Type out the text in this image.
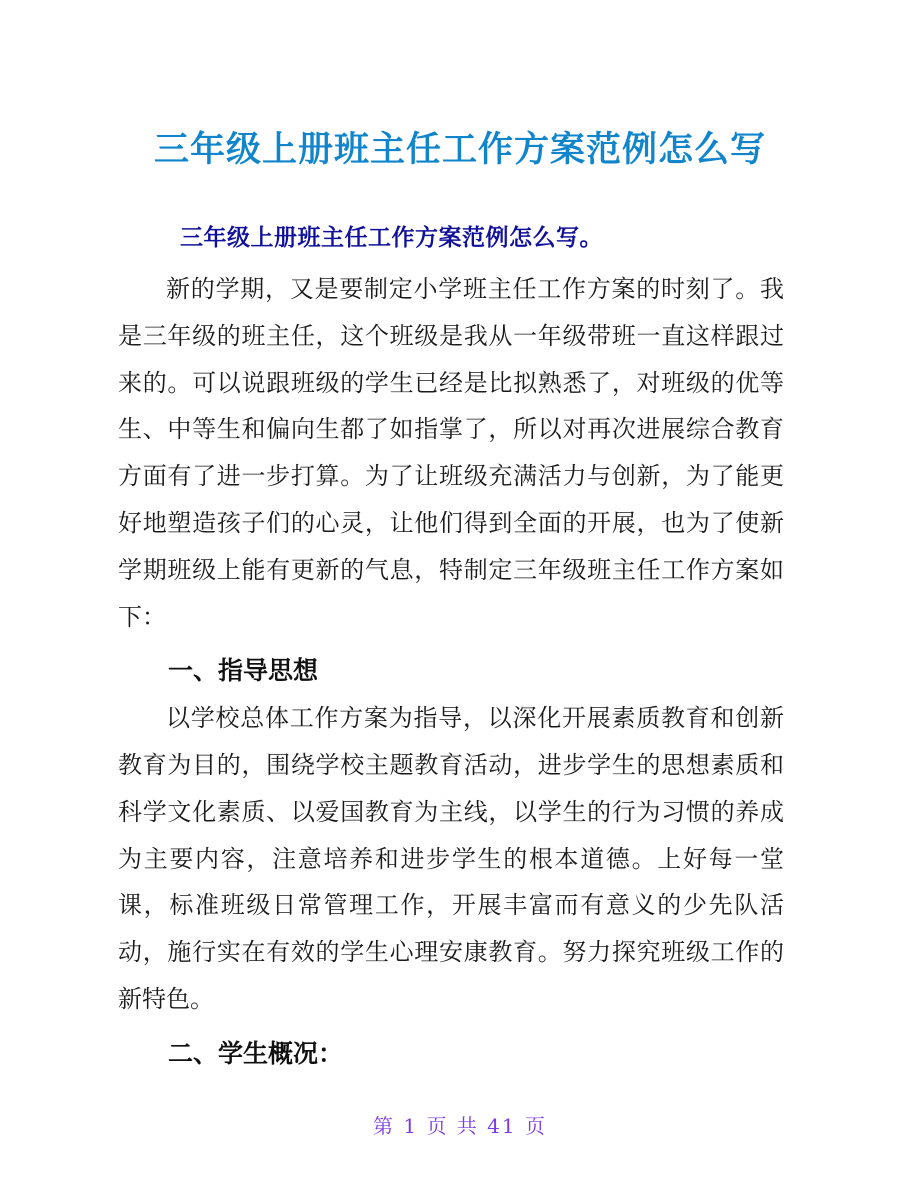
三年级上册班主任工作方案范例怎么写

三年级上册班主任工作方案范例怎么写。

新的学期，又是要制定小学班主任工作方案的时刻了。我是三年级的班主任，这个班级是我从一年级带班一直这样跟过来的。可以说跟班级的学生已经是比拟熟悉了，对班级的优等生、中等生和偏向生都了如指掌了，所以对再次进展综合教育方面有了进一步打算。为了让班级充满活力与创新，为了能更好地塑造孩子们的心灵，让他们得到全面的开展，也为了使新学期班级上能有更新的气息，特制定三年级班主任工作方案如下：

一、指导思想

以学校总体工作方案为指导，以深化开展素质教育和创新教育为目的，围绕学校主题教育活动，进步学生的思想素质和科学文化素质、以爱国教育为主线，以学生的行为习惯的养成为主要内容，注意培养和进步学生的根本道德。上好每一堂课，标准班级日常管理工作，开展丰富而有意义的少先队活动，施行实在有效的学生心理安康教育。努力探究班级工作的新特色。

二、学生概况：
第 1 页 共 41 页
